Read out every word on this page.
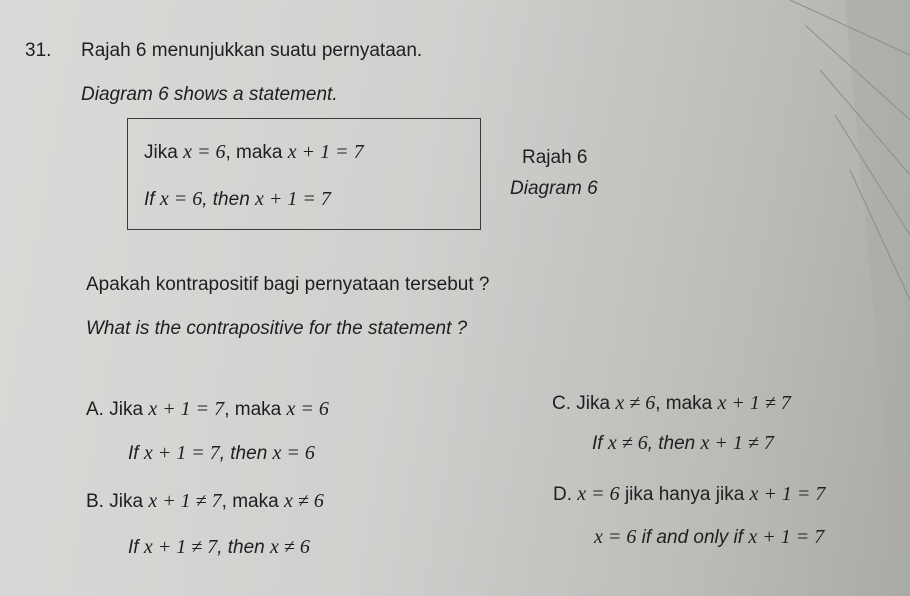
31. Rajah 6 menunjukkan suatu pernyataan.
Diagram 6 shows a statement.
Jika x = 6, maka x + 1 = 7
If x = 6, then x + 1 = 7
Rajah 6
Diagram 6
Apakah kontrapositif bagi pernyataan tersebut ?
What is the contrapositive for the statement ?
A. Jika x + 1 = 7, maka x = 6
If x + 1 = 7, then x = 6
B. Jika x + 1 ≠ 7, maka x ≠ 6
If x + 1 ≠ 7, then x ≠ 6
C. Jika x ≠ 6, maka x + 1 ≠ 7
If x ≠ 6, then x + 1 ≠ 7
D. x = 6 jika hanya jika x + 1 = 7
x = 6 if and only if x + 1 = 7
